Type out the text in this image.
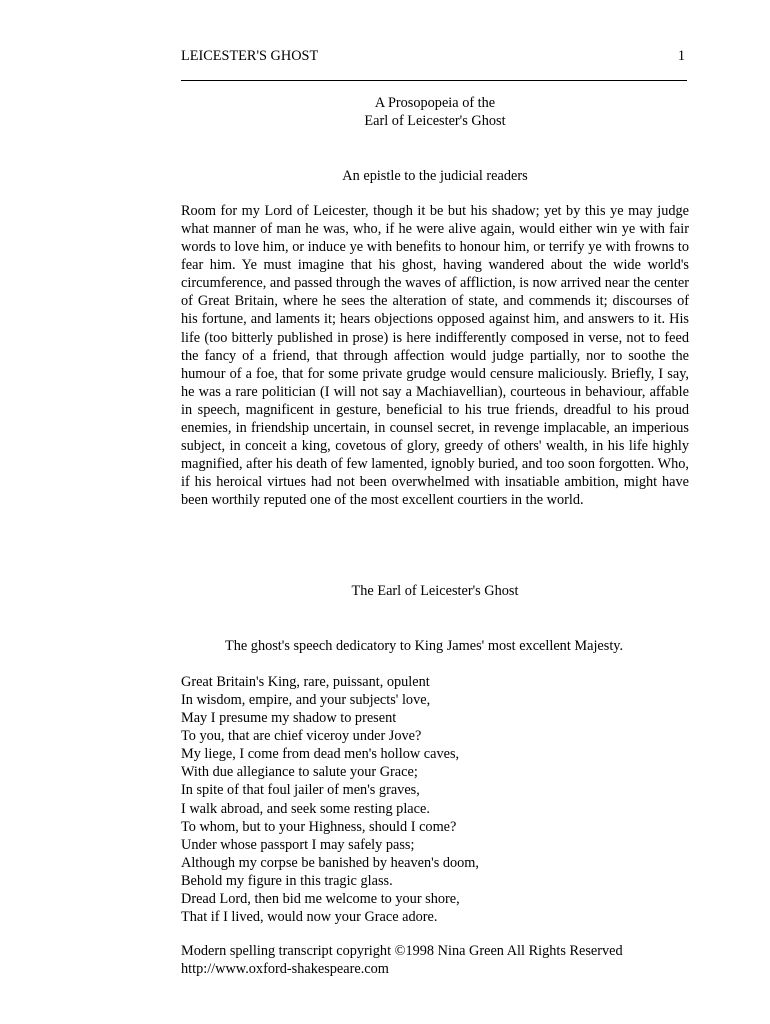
LEICESTER'S GHOST	1
A Prosopopeia of the
Earl of Leicester's Ghost
An epistle to the judicial readers
Room for my Lord of Leicester, though it be but his shadow; yet by this ye may judge what manner of man he was, who, if he were alive again, would either win ye with fair words to love him, or induce ye with benefits to honour him, or terrify ye with frowns to fear him. Ye must imagine that his ghost, having wandered about the wide world's circumference, and passed through the waves of affliction, is now arrived near the center of Great Britain, where he sees the alteration of state, and commends it; discourses of his fortune, and laments it; hears objections opposed against him, and answers to it. His life (too bitterly published in prose) is here indifferently composed in verse, not to feed the fancy of a friend, that through affection would judge partially, nor to soothe the humour of a foe, that for some private grudge would censure maliciously. Briefly, I say, he was a rare politician (I will not say a Machiavellian), courteous in behaviour, affable in speech, magnificent in gesture, beneficial to his true friends, dreadful to his proud enemies, in friendship uncertain, in counsel secret, in revenge implacable, an imperious subject, in conceit a king, covetous of glory, greedy of others' wealth, in his life highly magnified, after his death of few lamented, ignobly buried, and too soon forgotten. Who, if his heroical virtues had not been overwhelmed with insatiable ambition, might have been worthily reputed one of the most excellent courtiers in the world.
The Earl of Leicester's Ghost
The ghost's speech dedicatory to King James' most excellent Majesty.
Great Britain's King, rare, puissant, opulent
In wisdom, empire, and your subjects' love,
May I presume my shadow to present
To you, that are chief viceroy under Jove?
My liege, I come from dead men's hollow caves,
With due allegiance to salute your Grace;
In spite of that foul jailer of men's graves,
I walk abroad, and seek some resting place.
To whom, but to your Highness, should I come?
Under whose passport I may safely pass;
Although my corpse be banished by heaven's doom,
Behold my figure in this tragic glass.
Dread Lord, then bid me welcome to your shore,
That if I lived, would now your Grace adore.
Modern spelling transcript copyright ©1998 Nina Green All Rights Reserved
http://www.oxford-shakespeare.com
